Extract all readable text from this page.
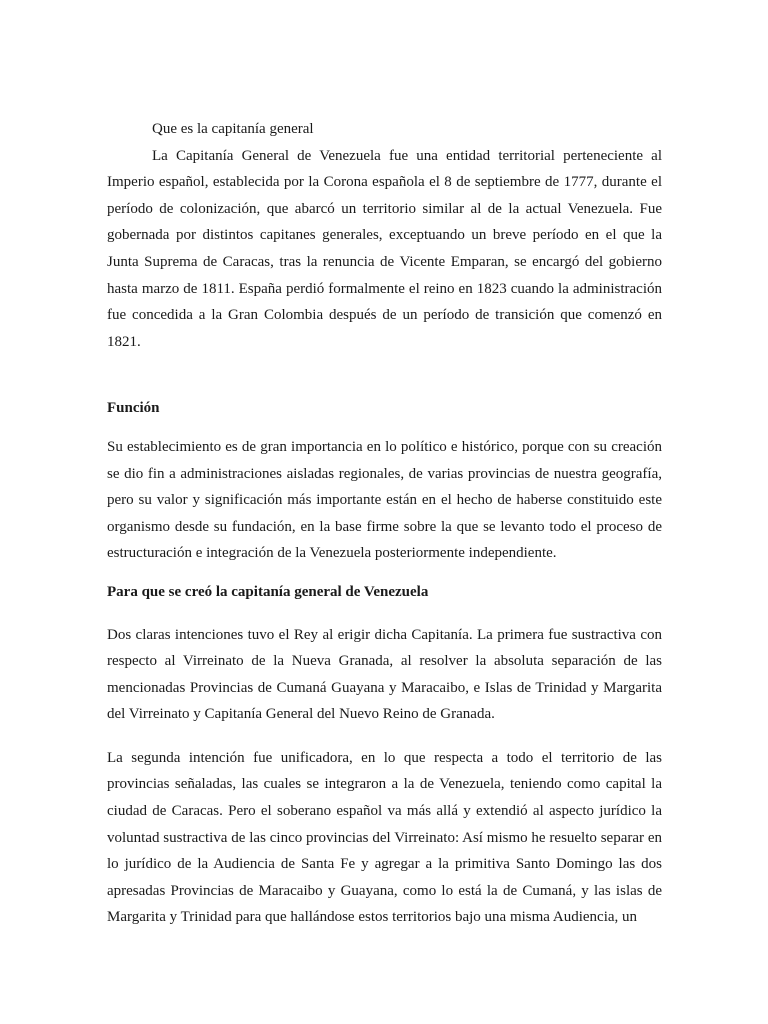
Que es la capitanía general

La Capitanía General de Venezuela fue una entidad territorial perteneciente al Imperio español, establecida por la Corona española el 8 de septiembre de 1777, durante el período de colonización, que abarcó un territorio similar al de la actual Venezuela. Fue gobernada por distintos capitanes generales, exceptuando un breve período en el que la Junta Suprema de Caracas, tras la renuncia de Vicente Emparan, se encargó del gobierno hasta marzo de 1811. España perdió formalmente el reino en 1823 cuando la administración fue concedida a la Gran Colombia después de un período de transición que comenzó en 1821.

Función

Su establecimiento es de gran importancia en lo político e histórico, porque con su creación se dio fin a administraciones aisladas regionales, de varias provincias de nuestra geografía, pero su valor y significación más importante están en el hecho de haberse constituido este organismo desde su fundación, en la base firme sobre la que se levanto todo el proceso de estructuración e integración de la Venezuela posteriormente independiente.

Para que se creó la capitanía general de Venezuela

Dos claras intenciones tuvo el Rey al erigir dicha Capitanía. La primera fue sustractiva con respecto al Virreinato de la Nueva Granada, al resolver la absoluta separación de las mencionadas Provincias de Cumaná Guayana y Maracaibo, e Islas de Trinidad y Margarita del Virreinato y Capitanía General del Nuevo Reino de Granada.

La segunda intención fue unificadora, en lo que respecta a todo el territorio de las provincias señaladas, las cuales se integraron a la de Venezuela, teniendo como capital la ciudad de Caracas. Pero el soberano español va más allá y extendió al aspecto jurídico la voluntad sustractiva de las cinco provincias del Virreinato: Así mismo he resuelto separar en lo jurídico de la Audiencia de Santa Fe y agregar a la primitiva Santo Domingo las dos apresadas Provincias de Maracaibo y Guayana, como lo está la de Cumaná, y las islas de Margarita y Trinidad para que hallándose estos territorios bajo una misma Audiencia, un
